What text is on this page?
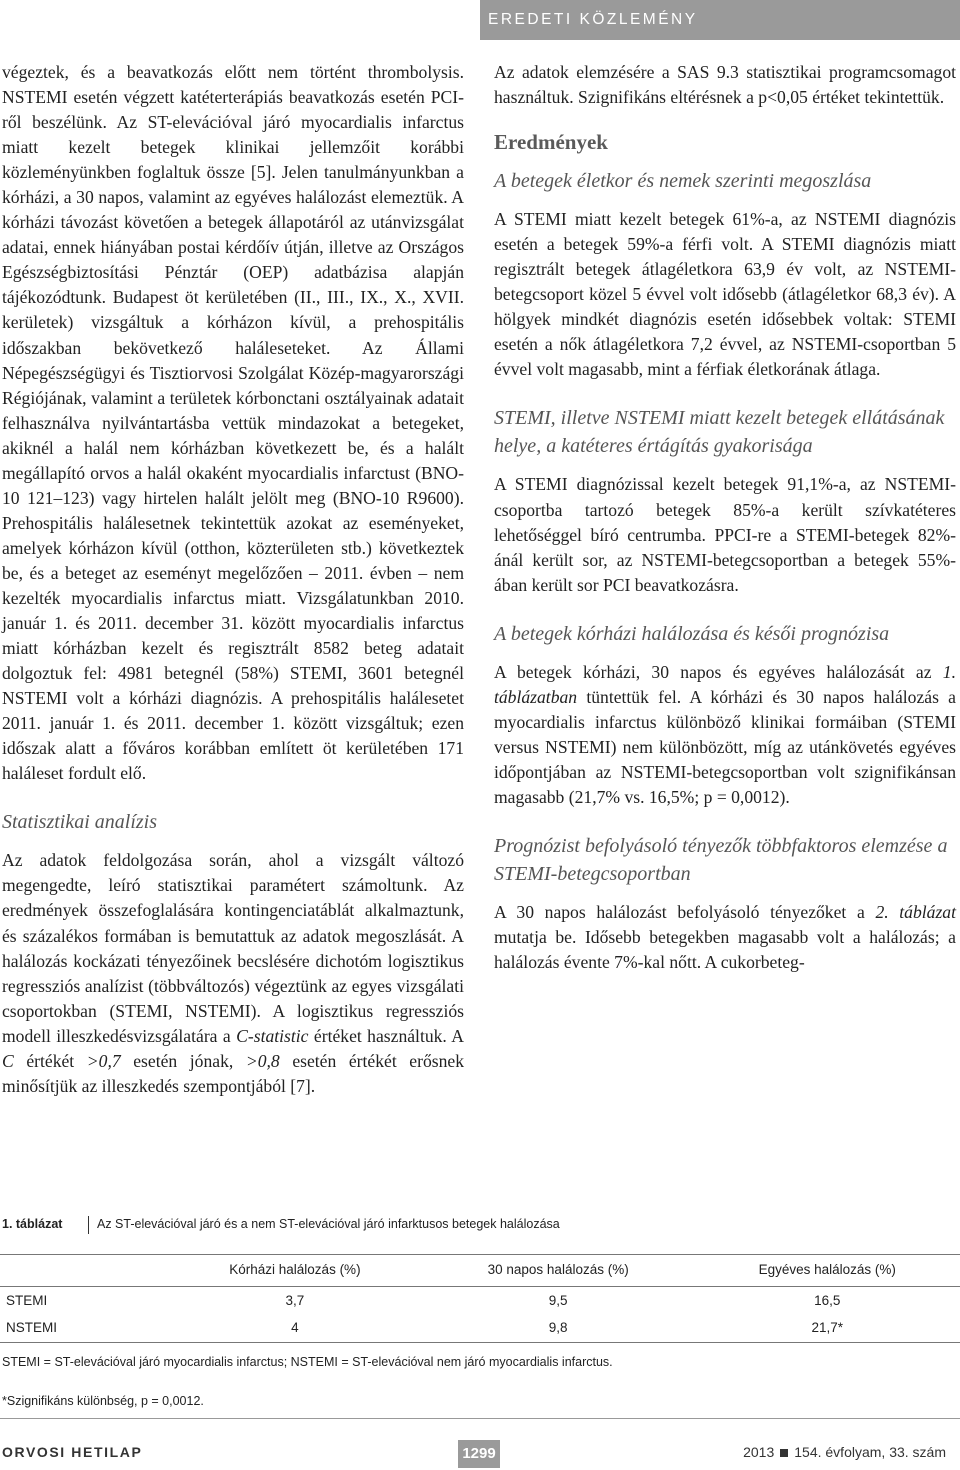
EREDETI KÖZLEMÉNY

végeztek, és a beavatkozás előtt nem történt thrombolysis. NSTEMI esetén végzett katéterterápiás beavatkozás esetén PCI-ről beszélünk. Az ST-elevációval járó myocardialis infarctus miatt kezelt betegek klinikai jellemzőit korábbi közleményünkben foglaltuk össze [5]. Jelen tanulmányunkban a kórházi, a 30 napos, valamint az egyéves halálozást elemeztük. A kórházi távozást követően a betegek állapotáról az utánvizsgálat adatai, ennek hiányában postai kérdőív útján, illetve az Országos Egészségbiztosítási Pénztár (OEP) adatbázisa alapján tájékozódtunk. Budapest öt kerületében (II., III., IX., X., XVII. kerületek) vizsgáltuk a kórházon kívül, a prehospitális időszakban bekövetkező haláleseteket. Az Állami Népegészségügyi és Tisztiorvosi Szolgálat Közép-magyarországi Régiójának, valamint a területek kórbonctani osztályainak adatait felhasználva nyilvántartásba vettük mindazokat a betegeket, akiknél a halál nem kórházban következett be, és a halált megállapító orvos a halál okaként myocardialis infarctust (BNO-10 121–123) vagy hirtelen halált jelölt meg (BNO-10 R9600). Prehospitális halálesetnek tekintettük azokat az eseményeket, amelyek kórházon kívül (otthon, közterületen stb.) következtek be, és a beteget az eseményt megelőzően – 2011. évben – nem kezelték myocardialis infarctus miatt. Vizsgálatunkban 2010. január 1. és 2011. december 31. között myocardialis infarctus miatt kórházban kezelt és regisztrált 8582 beteg adatait dolgoztuk fel: 4981 betegnél (58%) STEMI, 3601 betegnél NSTEMI volt a kórházi diagnózis. A prehospitális halálesetet 2011. január 1. és 2011. december 1. között vizsgáltuk; ezen időszak alatt a főváros korábban említett öt kerületében 171 haláleset fordult elő.

Statisztikai analízis

Az adatok feldolgozása során, ahol a vizsgált változó megengedte, leíró statisztikai paramétert számoltunk. Az eredmények összefoglalására kontingenciatáblát alkalmaztunk, és százalékos formában is bemutattuk az adatok megoszlását. A halálozás kockázati tényezőinek becslésére dichotóm logisztikus regressziós analízist (többváltozós) végeztünk az egyes vizsgálati csoportokban (STEMI, NSTEMI). A logisztikus regressziós modell illeszkedésvizsgálatára a C-statistic értéket használtuk. A C értékét >0,7 esetén jónak, >0,8 esetén értékét erősnek minősítjük az illeszkedés szempontjából [7].

Az adatok elemzésére a SAS 9.3 statisztikai programcsomagot használtuk. Szignifikáns eltérésnek a p<0,05 értéket tekintettük.

Eredmények
A betegek életkor és nemek szerinti megoszlása

A STEMI miatt kezelt betegek 61%-a, az NSTEMI diagnózis esetén a betegek 59%-a férfi volt. A STEMI diagnózis miatt regisztrált betegek átlagéletkora 63,9 év volt, az NSTEMI-betegcsoport közel 5 évvel volt idősebb (átlagéletkor 68,3 év). A hölgyek mindkét diagnózis esetén idősebbek voltak: STEMI esetén a nők átlagéletkora 7,2 évvel, az NSTEMI-csoportban 5 évvel volt magasabb, mint a férfiak életkorának átlaga.

STEMI, illetve NSTEMI miatt kezelt betegek ellátásának helye, a katéteres értágítás gyakorisága

A STEMI diagnózissal kezelt betegek 91,1%-a, az NSTEMI-csoportba tartozó betegek 85%-a került szívkatéteres lehetőséggel bíró centrumba. PPCI-re a STEMI-betegek 82%-ánál került sor, az NSTEMI-betegcsoportban a betegek 55%-ában került sor PCI beavatkozásra.

A betegek kórházi halálozása és késői prognózisa

A betegek kórházi, 30 napos és egyéves halálozását az 1. táblázatban tüntettük fel. A kórházi és 30 napos halálozás a myocardialis infarctus különböző klinikai formáiban (STEMI versus NSTEMI) nem különbözött, míg az utánkövetés egyéves időpontjában az NSTEMI-betegcsoportban volt szignifikánsan magasabb (21,7% vs. 16,5%; p = 0,0012).

Prognózist befolyásoló tényezők többfaktoros elemzése a STEMI-betegcsoportban

A 30 napos halálozást befolyásoló tényezőket a 2. táblázat mutatja be. Idősebb betegekben magasabb volt a halálozás; a halálozás évente 7%-kal nőtt. A cukorbeteg-

1. táblázat	Az ST-elevációval járó és a nem ST-elevációval járó infarktusos betegek halálozása
	Kórházi halálozás (%)	30 napos halálozás (%)	Egyéves halálozás (%)
STEMI	3,7	9,5	16,5
NSTEMI	4	9,8	21,7*
STEMI = ST-elevációval járó myocardialis infarctus; NSTEMI = ST-elevációval nem járó myocardialis infarctus.
*Szignifikáns különbség, p = 0,0012.
ORVOSI HETILAP	1299	2013 154. évfolyam, 33. szám
